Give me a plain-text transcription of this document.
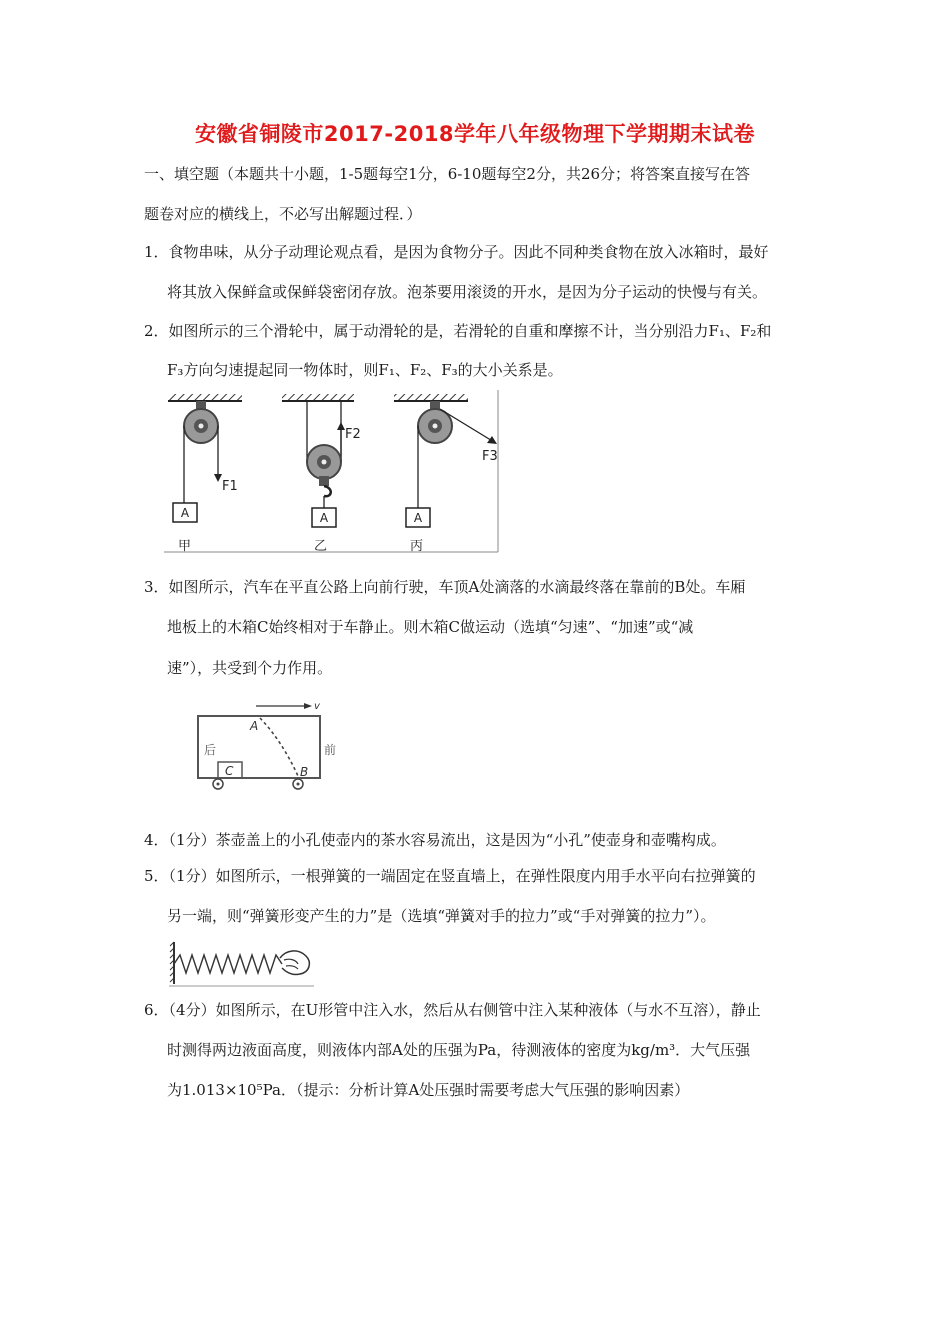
安徽省铜陵市2017-2018学年八年级物理下学期期末试卷
一、填空题（本题共十小题，1-5题每空1分，6-10题每空2分，共26分；将答案直接写在答
题卷对应的横线上，不必写出解题过程．）
1．食物串味，从分子动理论观点看，是因为食物分子。因此不同种类食物在放入冰箱时，最好
将其放入保鲜盒或保鲜袋密闭存放。泡茶要用滚烫的开水，是因为分子运动的快慢与有关。
2．如图所示的三个滑轮中，属于动滑轮的是，若滑轮的自重和摩擦不计，当分别沿力F₁、F₂和
F₃方向匀速提起同一物体时，则F₁、F₂、F₃的大小关系是。
F1
A
甲
F2
A
乙
F3
A
丙
3．如图所示，汽车在平直公路上向前行驶，车顶A处滴落的水滴最终落在靠前的B处。车厢
地板上的木箱C始终相对于车静止。则木箱C做运动（选填“匀速”、“加速”或“减
速”），共受到个力作用。
v
A
B
后	前
C
4．（1分）茶壶盖上的小孔使壶内的茶水容易流出，这是因为“小孔”使壶身和壶嘴构成。
5．（1分）如图所示，一根弹簧的一端固定在竖直墙上，在弹性限度内用手水平向右拉弹簧的
另一端，则“弹簧形变产生的力”是（选填“弹簧对手的拉力”或“手对弹簧的拉力”）。
6．（4分）如图所示，在U形管中注入水，然后从右侧管中注入某种液体（与水不互溶），静止
时测得两边液面高度，则液体内部A处的压强为Pa，待测液体的密度为kg/m³．大气压强
为1.013×10⁵Pa．（提示：分析计算A处压强时需要考虑大气压强的影响因素）
